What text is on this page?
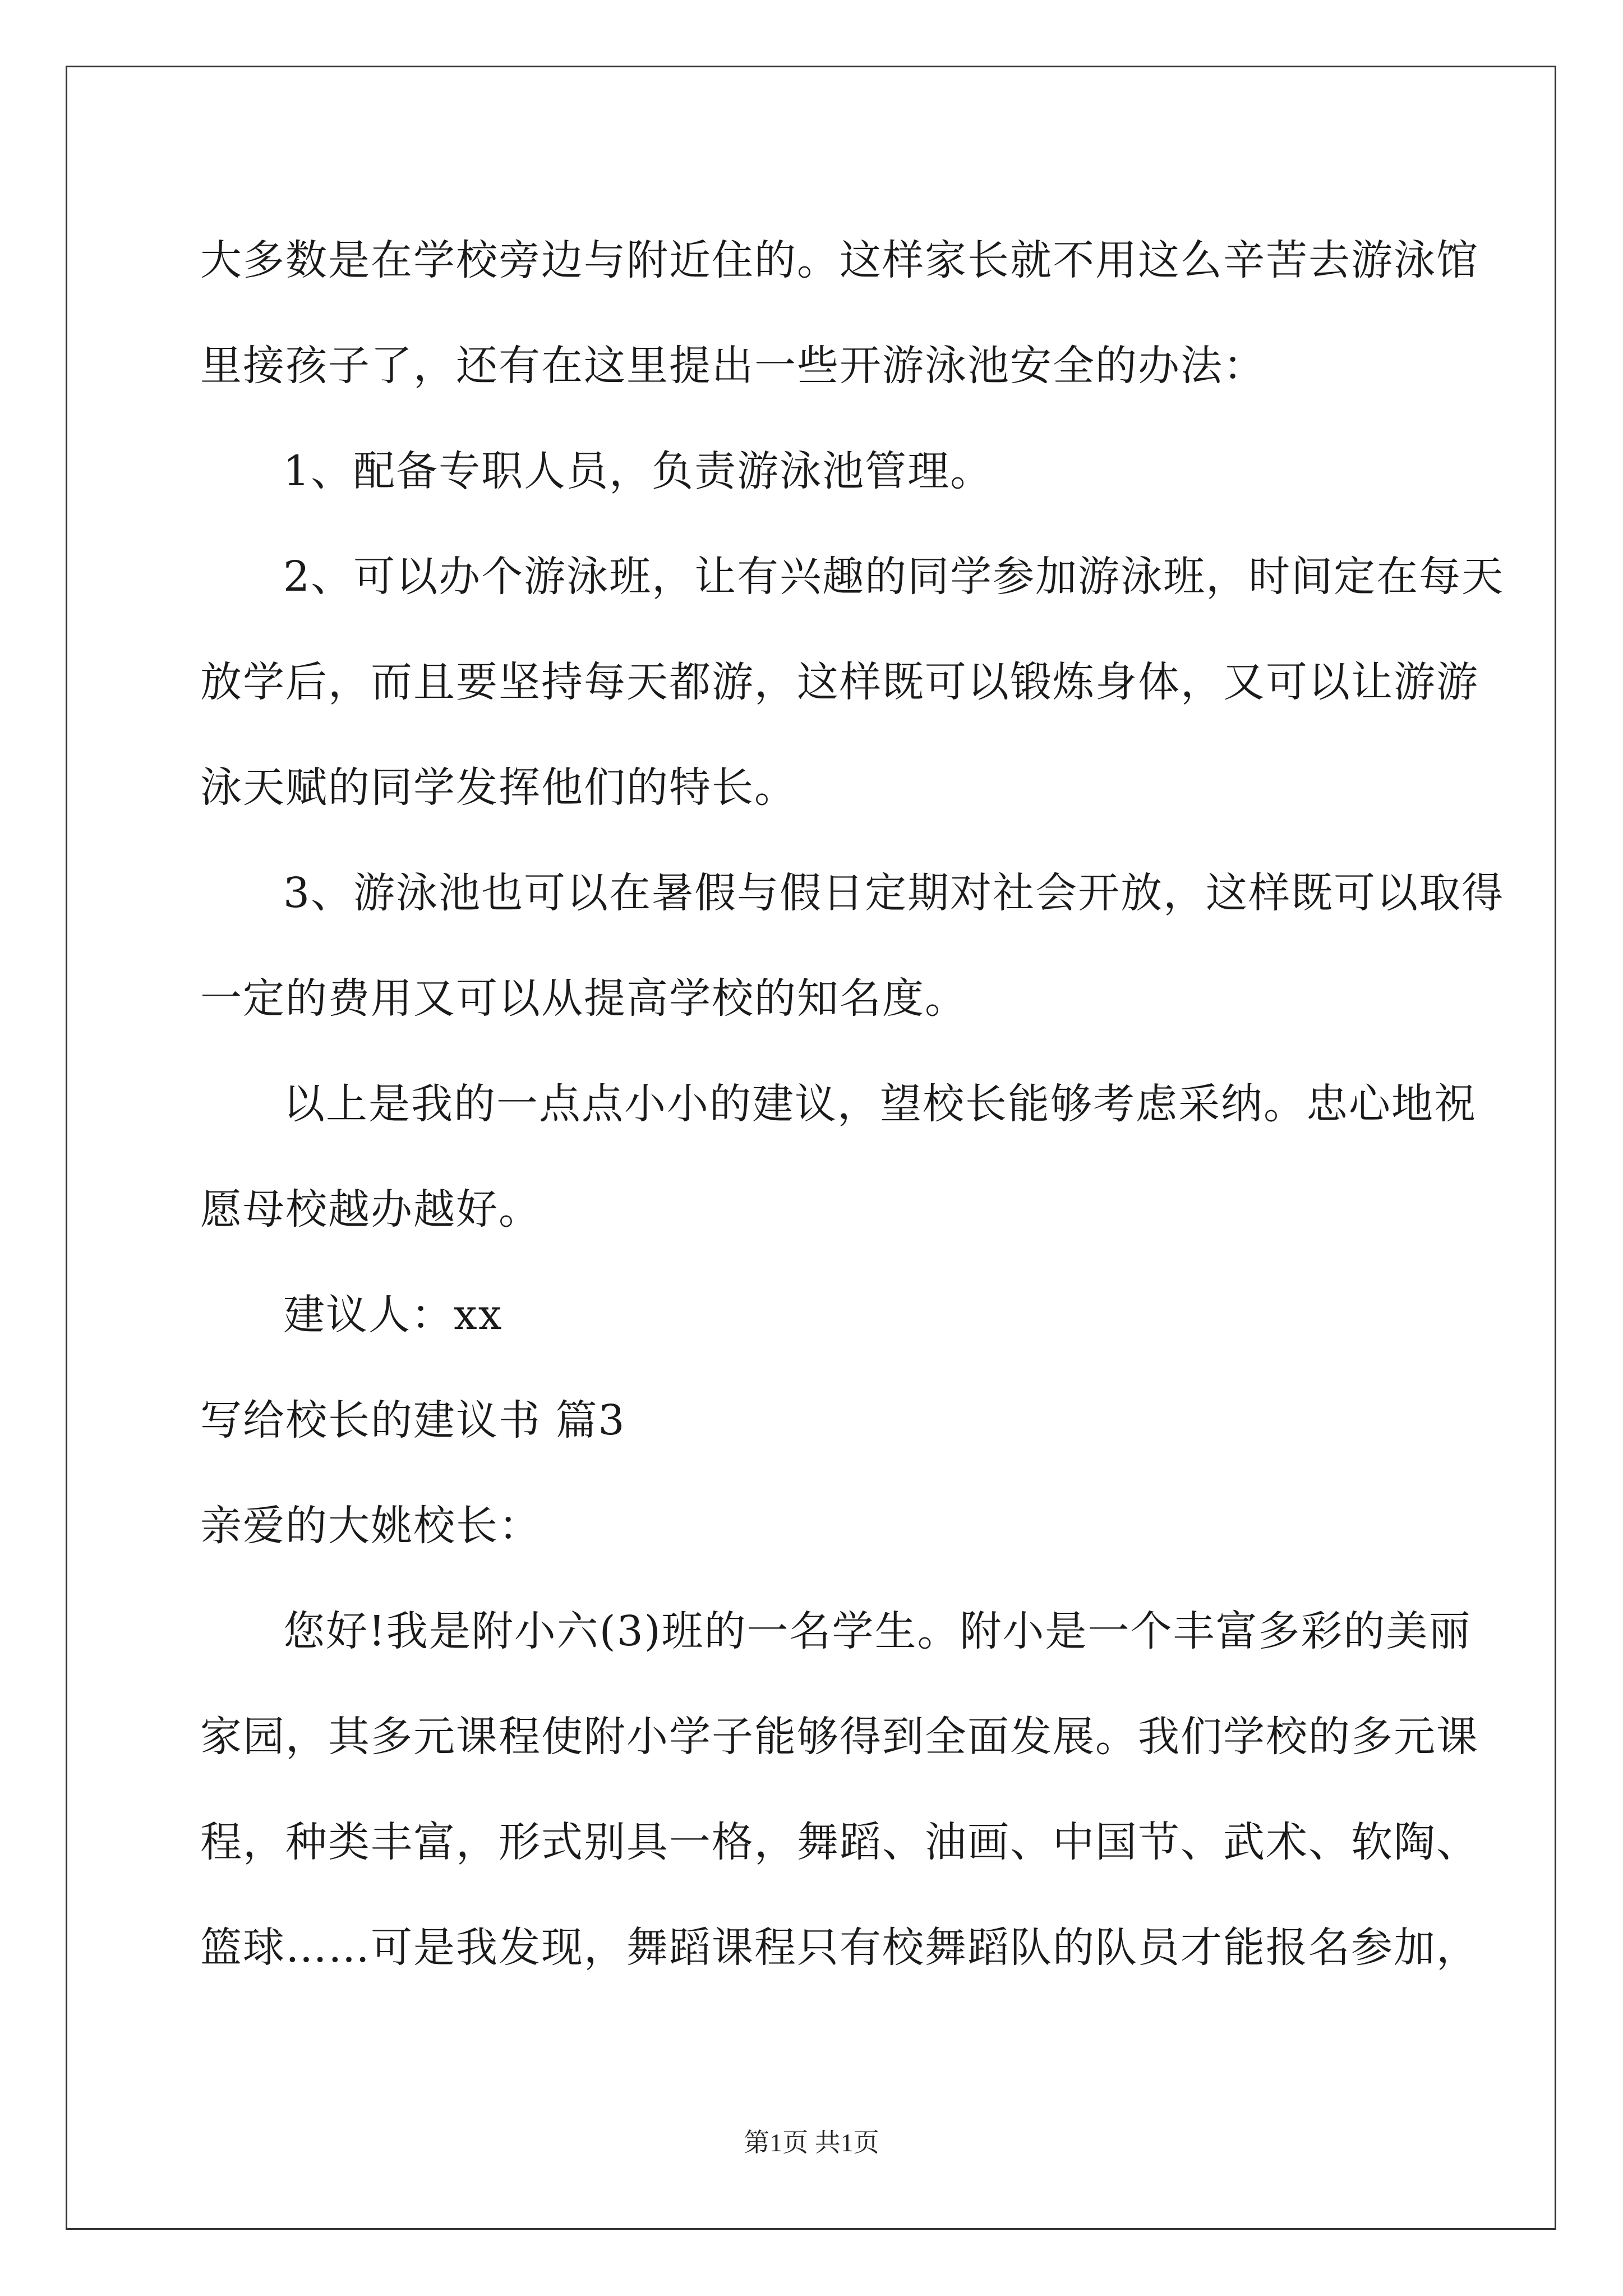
大多数是在学校旁边与附近住的。这样家长就不用这么辛苦去游泳馆
里接孩子了，还有在这里提出一些开游泳池安全的办法：
1、配备专职人员，负责游泳池管理。
2、可以办个游泳班，让有兴趣的同学参加游泳班，时间定在每天
放学后，而且要坚持每天都游，这样既可以锻炼身体，又可以让游游
泳天赋的同学发挥他们的特长。
3、游泳池也可以在暑假与假日定期对社会开放，这样既可以取得
一定的费用又可以从提高学校的知名度。
以上是我的一点点小小的建议，望校长能够考虑采纳。忠心地祝
愿母校越办越好。
建议人：xx
写给校长的建议书 篇3
亲爱的大姚校长：
您好!我是附小六(3)班的一名学生。附小是一个丰富多彩的美丽
家园，其多元课程使附小学子能够得到全面发展。我们学校的多元课
程，种类丰富，形式别具一格，舞蹈、油画、中国节、武术、软陶、
篮球……可是我发现，舞蹈课程只有校舞蹈队的队员才能报名参加，
第1页 共1页
